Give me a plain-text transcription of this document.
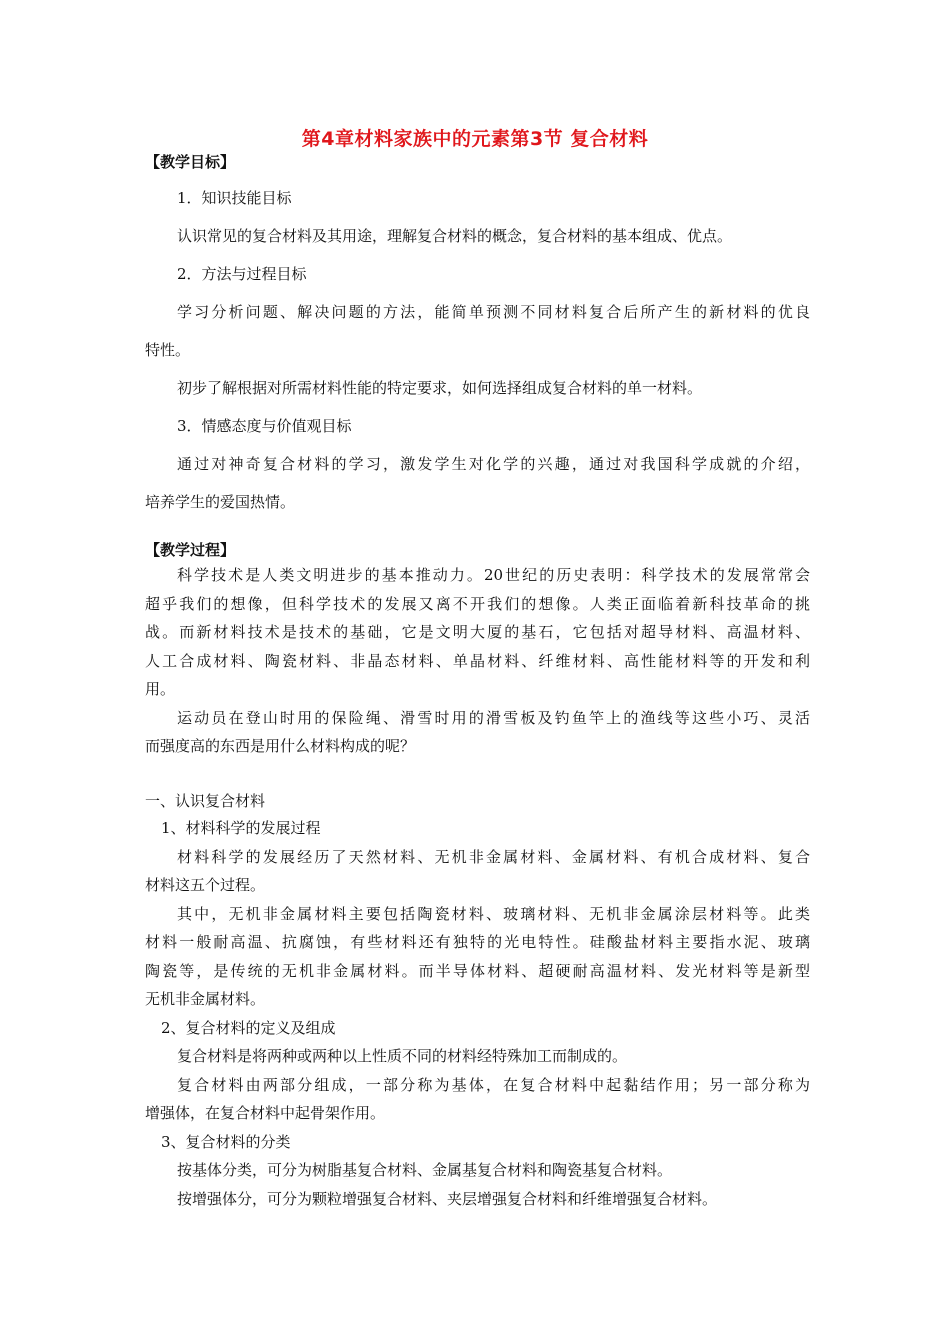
第4章材料家族中的元素第3节 复合材料
【教学目标】
1．知识技能目标
认识常见的复合材料及其用途，理解复合材料的概念，复合材料的基本组成、优点。
2．方法与过程目标
学习分析问题、解决问题的方法，能简单预测不同材料复合后所产生的新材料的优良
特性。
初步了解根据对所需材料性能的特定要求，如何选择组成复合材料的单一材料。
3．情感态度与价值观目标
通过对神奇复合材料的学习，激发学生对化学的兴趣，通过对我国科学成就的介绍，
培养学生的爱国热情。
【教学过程】
科学技术是人类文明进步的基本推动力。20世纪的历史表明：科学技术的发展常常会
超乎我们的想像，但科学技术的发展又离不开我们的想像。人类正面临着新科技革命的挑
战。而新材料技术是技术的基础，它是文明大厦的基石，它包括对超导材料、高温材料、
人工合成材料、陶瓷材料、非晶态材料、单晶材料、纤维材料、高性能材料等的开发和利
用。
运动员在登山时用的保险绳、滑雪时用的滑雪板及钓鱼竿上的渔线等这些小巧、灵活
而强度高的东西是用什么材料构成的呢？
一、认识复合材料
1、材料科学的发展过程
材料科学的发展经历了天然材料、无机非金属材料、金属材料、有机合成材料、复合
材料这五个过程。
其中，无机非金属材料主要包括陶瓷材料、玻璃材料、无机非金属涂层材料等。此类
材料一般耐高温、抗腐蚀，有些材料还有独特的光电特性。硅酸盐材料主要指水泥、玻璃
陶瓷等，是传统的无机非金属材料。而半导体材料、超硬耐高温材料、发光材料等是新型
无机非金属材料。
2、复合材料的定义及组成
复合材料是将两种或两种以上性质不同的材料经特殊加工而制成的。
复合材料由两部分组成，一部分称为基体，在复合材料中起黏结作用；另一部分称为
增强体，在复合材料中起骨架作用。
3、复合材料的分类
按基体分类，可分为树脂基复合材料、金属基复合材料和陶瓷基复合材料。
按增强体分，可分为颗粒增强复合材料、夹层增强复合材料和纤维增强复合材料。
